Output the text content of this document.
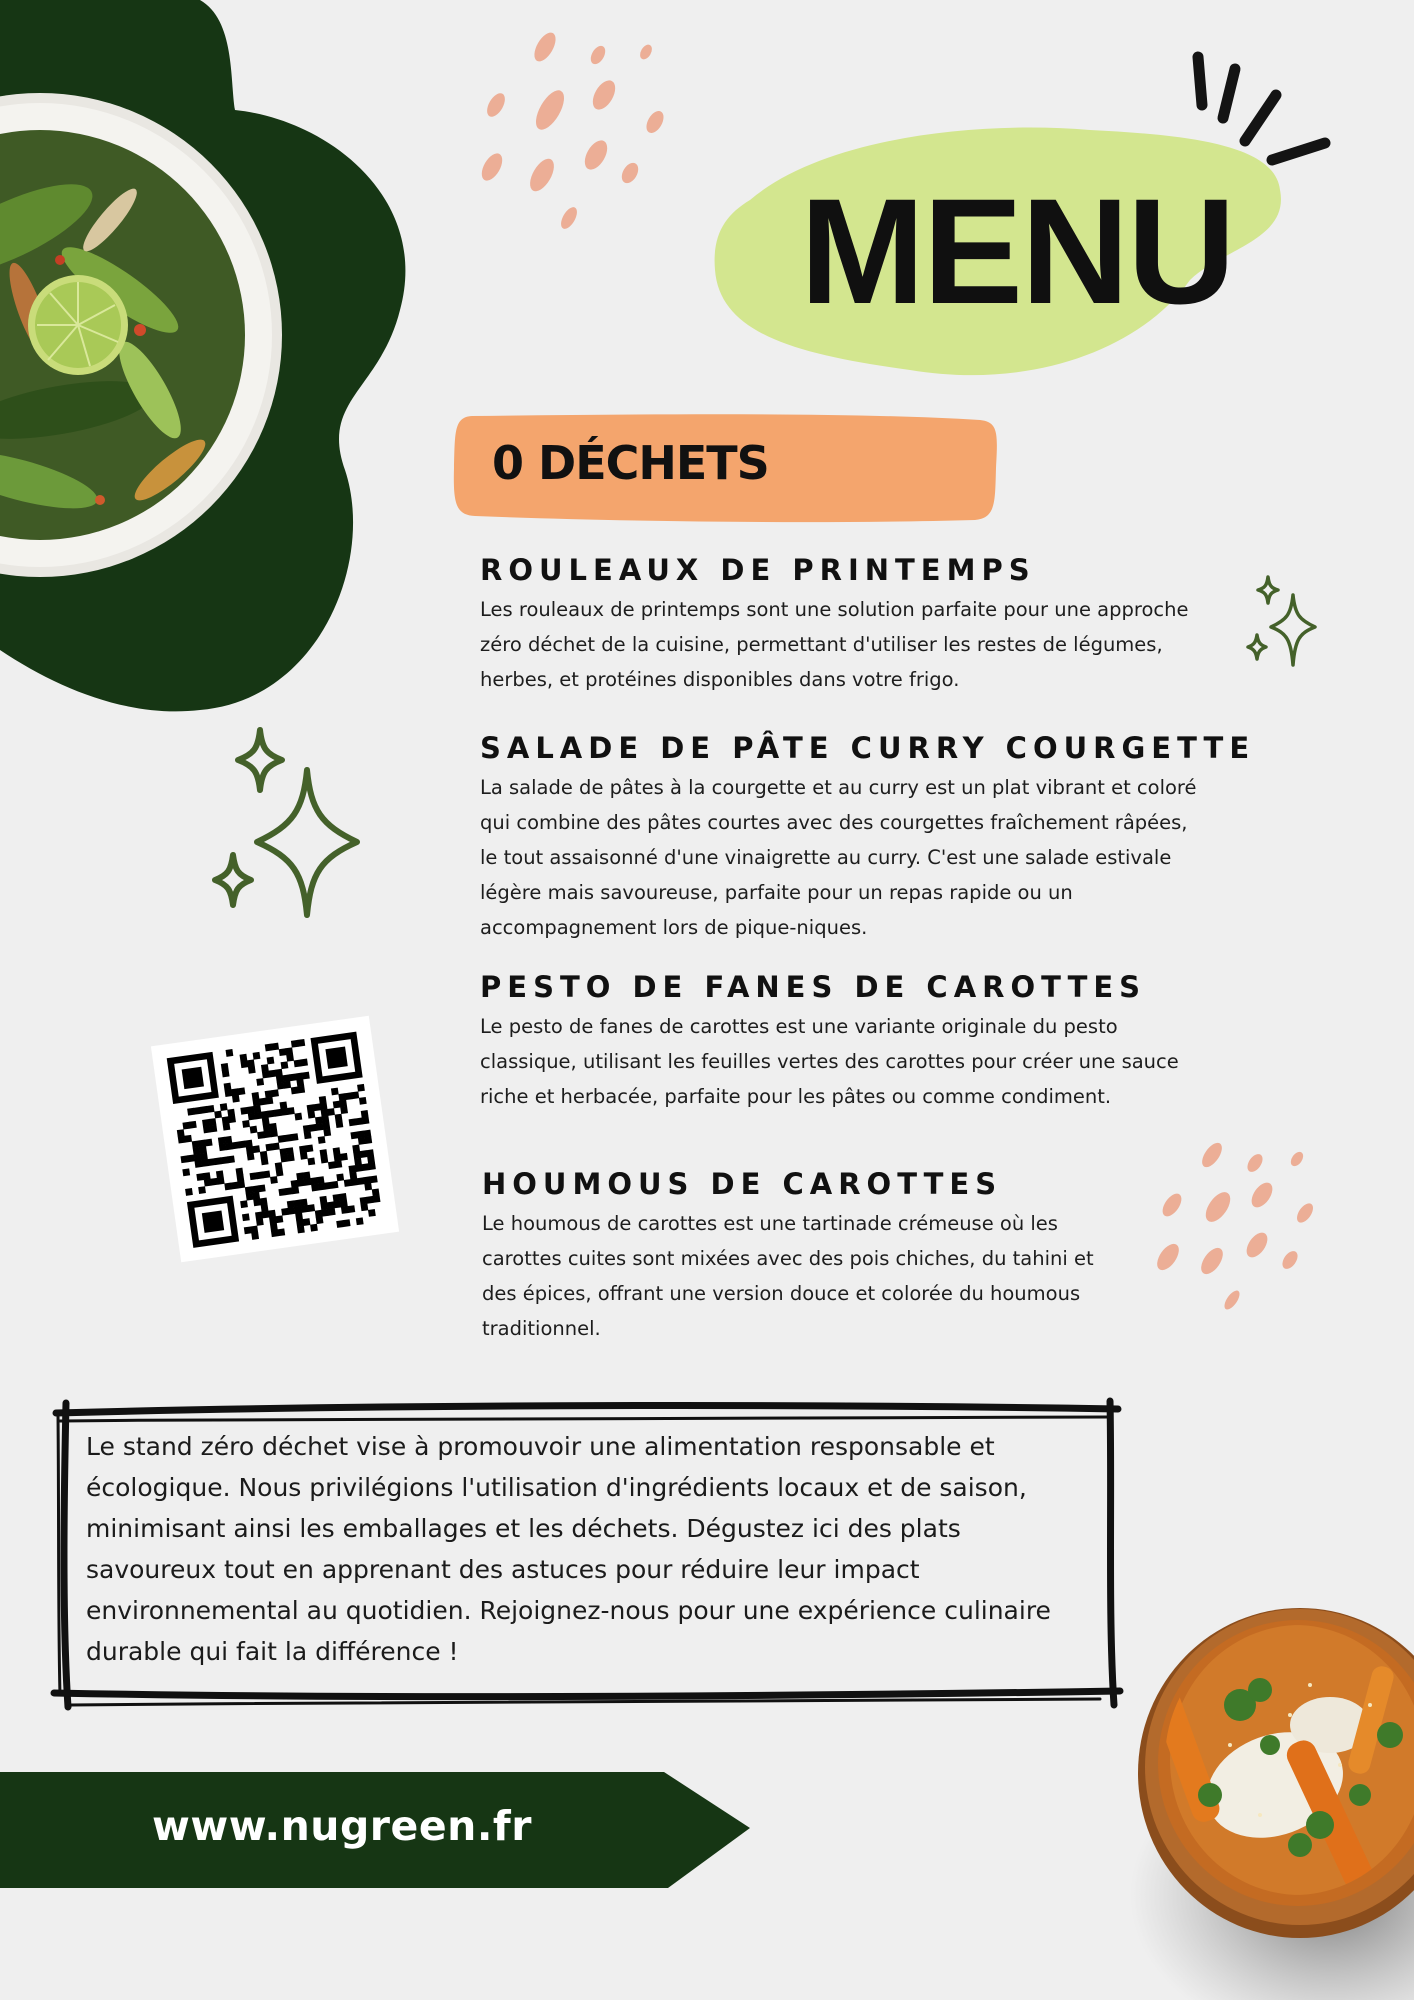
MENU
0 DÉCHETS
ROULEAUX DE PRINTEMPS

Les rouleaux de printemps sont une solution parfaite pour une approche zéro déchet de la cuisine, permettant d'utiliser les restes de légumes, herbes, et protéines disponibles dans votre frigo.

SALADE DE PÂTE CURRY COURGETTE

La salade de pâtes à la courgette et au curry est un plat vibrant et coloré qui combine des pâtes courtes avec des courgettes fraîchement râpées, le tout assaisonné d'une vinaigrette au curry. C'est une salade estivale légère mais savoureuse, parfaite pour un repas rapide ou un accompagnement lors de pique-niques.

PESTO DE FANES DE CAROTTES

Le pesto de fanes de carottes est une variante originale du pesto classique, utilisant les feuilles vertes des carottes pour créer une sauce riche et herbacée, parfaite pour les pâtes ou comme condiment.

HOUMOUS DE CAROTTES

Le houmous de carottes est une tartinade crémeuse où les carottes cuites sont mixées avec des pois chiches, du tahini et des épices, offrant une version douce et colorée du houmous traditionnel.

Le stand zéro déchet vise à promouvoir une alimentation responsable et écologique. Nous privilégions l'utilisation d'ingrédients locaux et de saison, minimisant ainsi les emballages et les déchets. Dégustez ici des plats savoureux tout en apprenant des astuces pour réduire leur impact environnemental au quotidien. Rejoignez-nous pour une expérience culinaire durable qui fait la différence !
www.nugreen.fr
